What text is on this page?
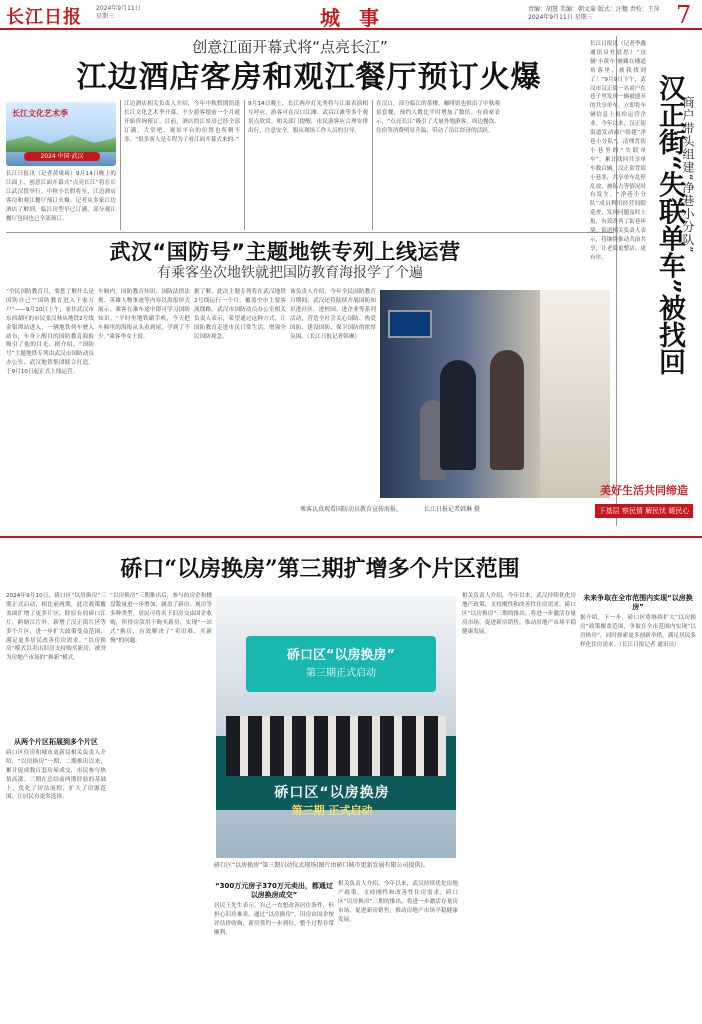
长江日报 2024年9月11日
星期三	城 事	责编：胡慧 美编：朝文菊 版式：汪穗 责校：王萍
2024年9月11日 星期三	7
创意江面开幕式将“点亮长江”
江边酒店客房和观江餐厅预订火爆
长江文化艺术季
2024 中国·武汉
长江日报讯（记者黄咸琦）9月14日晚上的江面上，创意江面开幕式“点亮长江”将在长江武汉段举行。中秋小长假将至，江边酒店客房和观江餐厅预订火爆。记者从多家江边酒店了解到，临江房型早已订满，部分观江餐厅包间也已全部预订。
江边酒店相关负责人介绍，今年中秋假期恰逢长江文化艺术季开幕，不少游客提前一个月就开始咨询预订。目前，酒店的江景房已经全部订满，大堂吧、观景平台的位置也所剩不多。“很多客人是专程为了看江面开幕式来的。”
9月14日晚上，长江两岸灯光秀将与江面表演相互呼应，游客可在汉口江滩、武昌江滩等多个观景点欣赏。相关部门提醒，市民游客应合理安排出行，注意安全，服从现场工作人员的引导。
在汉口，部分临江的茶楼、咖啡馆也推出了中秋观景套餐，预约人数比平时增加了数倍。有商家表示，“点亮长江”吸引了大量外地游客，周边餐饮、住宿等消费明显升温，带动了沿江经济的活跃。
武汉“国防号”主题地铁专列上线运营
有乘客坐次地铁就把国防教育海报学了个遍
“全民国防教育月，要您了解什么是国防自己”“国防教育进入千家万户”——9月10日上午，家住武汉市东西湖区的市民张汉林从地铁2号线金银潭站进入，一辆地铁列车驶入站台，车身上醒目的国防教育海报吸引了他的目光。据介绍，“国防号”主题地铁专列由武汉市国防动员办公室、武汉地铁集团联合打造，于9月10日起正式上线运营。
车厢内，国防教育知识、国防法律法规、英雄人物事迹等内容以海报形式展示，乘客在乘车途中即可学习国防知识。“平时坐地铁刷手机，今天把车厢里的海报从头看到尾，学到了不少。”乘客李女士说。
据了解，此次主题专列将在武汉地铁2号线运行一个月，覆盖全市主要客流线路。武汉市国防动员办公室相关负责人表示，希望通过这种方式，让国防教育走进市民日常生活，增强全民国防观念。
该负责人介绍，今年全民国防教育月期间，武汉还将陆续开展国防知识进社区、进校园、进企业等系列活动，营造全社会关心国防、热爱国防、建设国防、保卫国防的浓厚氛围。（长江日报记者韩琳）
乘客认真观看国防动员教育宣传海报。	长江日报记者韩琳 摄
汉正街“失联单车”被找回
商户带头组建“净巷小分队”
长江日报讯（记者李鑫 通讯员杜晨思）“这辆‘小黄车’被藏在楼道角落里，被我找到了！”9月9日下午，武汉市汉正街一名商户在巷子里发现一辆被遗弃的共享单车，立即将车辆信息上报给运营企业。今年以来，汉正街街道发动商户组建“净巷小分队”，清理背街小巷里的“失联单车”，累计找回共享单车数百辆。汉正街背街小巷多，共享单车乱停乱放、被私占等情况时有发生。“净巷小分队”成员利用经营间隙巡查，发现问题及时上报，有效改善了街巷环境。街道相关负责人表示，将继续推动共治共享，让老街更整洁、更有序。
美好生活共同缔造
下基层 察民情 解民忧 暖民心
硚口“以房换房”第三期扩增多个片区范围
2024年9月10日，硚口区“以房换房”三期正式启动，相比前两期，此次政策覆盖面扩增了更多片区，除原有的硚口江片、跨塘江片外，新增了汉正街片区等多个片区，进一步扩大政策受益范围，满足更多居民改善住房需求。“以房换房”模式以卖出旧房支持购买新房，被誉为房地产市场的“换新”模式。
从两个片区拓展到多个片区
硚口区住房和城市更新局相关负责人介绍，“以房换房”一期、二期推出以来，累计促成数百套房屋成交，市民参与热情高涨。三期在总结前两期经验的基础上，优化了评估流程，扩大了房源范围，让居民有更多选择。
“以房换房”三期推出后，参与的房企和楼盘数量进一步增加，涵盖了新房、现房等多种类型。居民可将名下旧房交由国企收购，所得房款用于购买新房，实现“一站式”换房，有效解决了“卖旧难、买新慢”的问题。
硚口区“以房换房”
第三期正式启动
硚口区“以房换房
第三期 正式启动
硚口区“以房换房”第三期启动仪式现场(图片由硚口城市更新发展有限公司提供)。
“300万元房子370万元卖出，都通过以房换房成交”
居民王先生表示，自己一直想改善居住条件，但担心旧房难卖。通过“以房换房”，旧房由国企按评估价收购，新房签约一步到位，整个过程非常顺利。
相关负责人介绍，今年以来，武汉持续优化房地产政策，支持刚性和改善性住房需求。硚口区“以房换房”三期的推出，将进一步激活存量房市场，促进新房销售，推动房地产市场平稳健康发展。
相关负责人介绍，今年以来，武汉持续优化房地产政策，支持刚性和改善性住房需求。硚口区“以房换房”三期的推出，将进一步激活存量房市场，促进新房销售，推动房地产市场平稳健康发展。
未来争取在全市范围内实现“以房换房”
据介绍，下一步，硚口区将继续扩大“以房换房”政策覆盖范围，争取在全市范围内实现“以房换房”，同时探索更多创新举措，满足居民多样化住房需求。（长江日报记者 通讯员）
